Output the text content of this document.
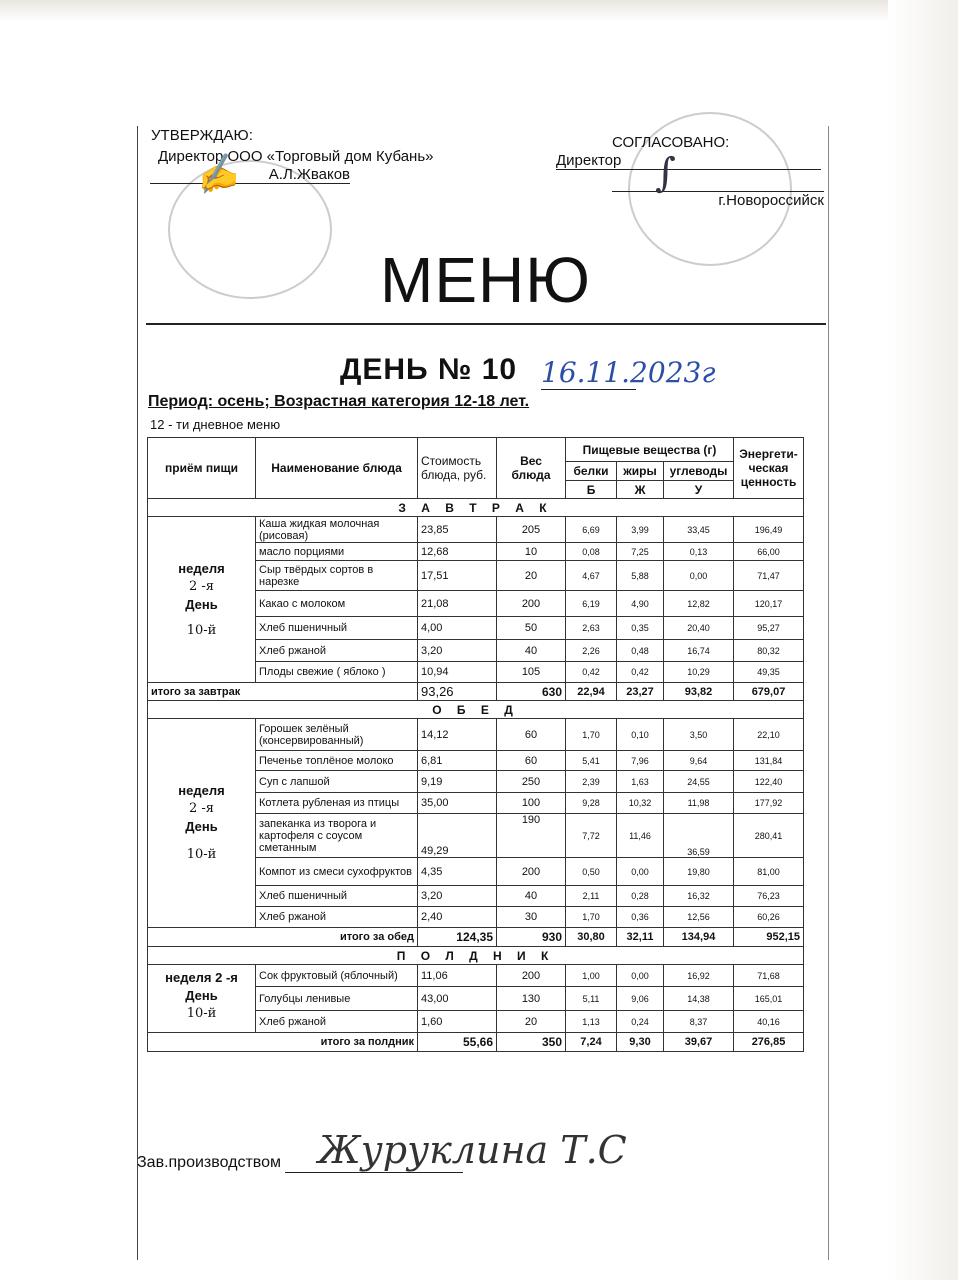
УТВЕРЖДАЮ:
Директор ООО «Торговый дом Кубань»
А.Л.Жваков
✍
СОГЛАСОВАНО:
Директор
г.Новороссийск
∫
МЕНЮ
ДЕНЬ № 10 16.11.2023г
Период: осень; Возрастная категория 12-18 лет.
12 - ти дневное меню
приём пищи	Наименование блюда	Стоимость блюда, руб.	Вес блюда	Пищевые вещества (г)			Энергети-ческая ценность
				белки	жиры	углеводы	
				Б	Ж	У	
З А В Т Р А К							

неделя
2 -я
День
10-й	Каша жидкая молочная (рисовая)	23,85	205	6,69	3,99	33,45	196,49
	масло порциями	12,68	10	0,08	7,25	0,13	66,00
	Сыр твёрдых сортов в нарезке	17,51	20	4,67	5,88	0,00	71,47
	Какао с молоком	21,08	200	6,19	4,90	12,82	120,17
	Хлеб пшеничный	4,00	50	2,63	0,35	20,40	95,27
	Хлеб ржаной	3,20	40	2,26	0,48	16,74	80,32
	Плоды свежие ( яблоко )	10,94	105	0,42	0,42	10,29	49,35
итого за завтрак		93,26	630	22,94	23,27	93,82	679,07
О Б Е Д							

неделя
2 -я
День
10-й	Горошек зелёный (консервированный)	14,12	60	1,70	0,10	3,50	22,10
	Печенье топлёное молоко	6,81	60	5,41	7,96	9,64	131,84
	Суп с лапшой	9,19	250	2,39	1,63	24,55	122,40
	Котлета рубленая из птицы	35,00	100	9,28	10,32	11,98	177,92
	запеканка из творога и картофеля с соусом сметанным	49,29	190	7,72	11,46	36,59	280,41
	Компот из смеси сухофруктов	4,35	200	0,50	0,00	19,80	81,00
	Хлеб пшеничный	3,20	40	2,11	0,28	16,32	76,23
	Хлеб ржаной	2,40	30	1,70	0,36	12,56	60,26
итого за обед		124,35	930	30,80	32,11	134,94	952,15
П О Л Д Н И К							

неделя 2 -я
День
10-й	Сок фруктовый (яблочный)	11,06	200	1,00	0,00	16,92	71,68
	Голубцы ленивые	43,00	130	5,11	9,06	14,38	165,01
	Хлеб ржаной	1,60	20	1,13	0,24	8,37	40,16
итого за полдник		55,66	350	7,24	9,30	39,67	276,85
Зав.производством Журуклина Т.С
